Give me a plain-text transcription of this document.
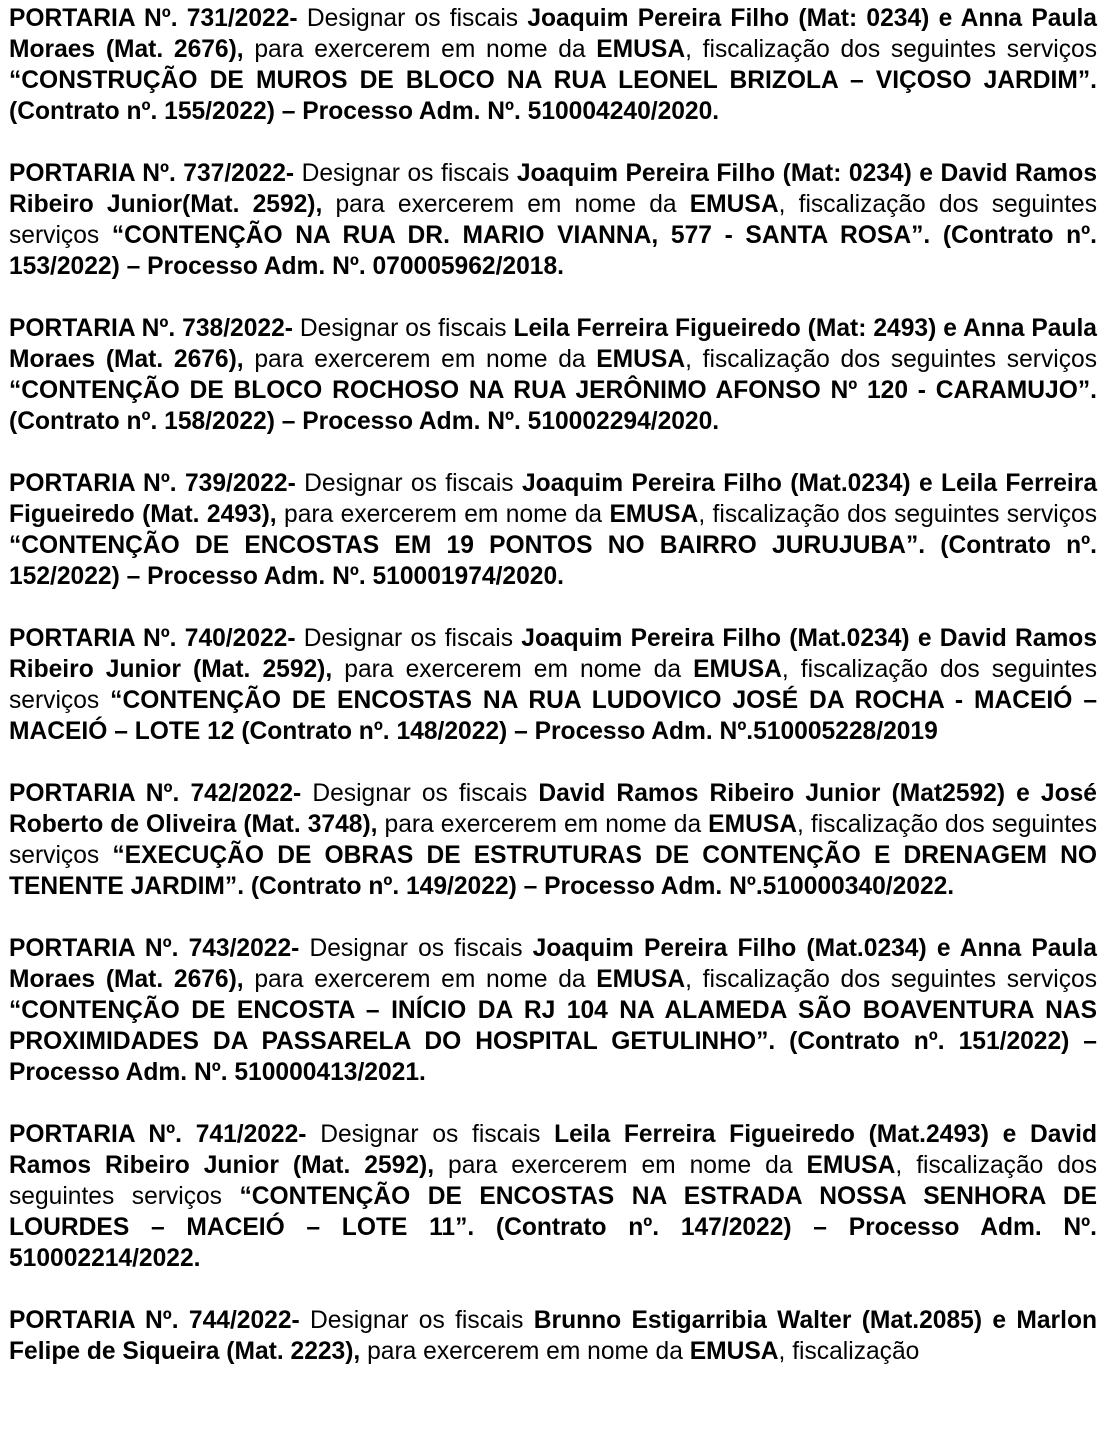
PORTARIA Nº. 731/2022- Designar os fiscais Joaquim Pereira Filho (Mat: 0234) e Anna Paula Moraes (Mat. 2676), para exercerem em nome da EMUSA, fiscalização dos seguintes serviços “CONSTRUÇÃO DE MUROS DE BLOCO NA RUA LEONEL BRIZOLA – VIÇOSO JARDIM”. (Contrato nº. 155/2022) – Processo Adm. Nº. 510004240/2020.

PORTARIA Nº. 737/2022- Designar os fiscais Joaquim Pereira Filho (Mat: 0234) e David Ramos Ribeiro Junior(Mat. 2592), para exercerem em nome da EMUSA, fiscalização dos seguintes serviços “CONTENÇÃO NA RUA DR. MARIO VIANNA, 577 - SANTA ROSA”. (Contrato nº. 153/2022) – Processo Adm. Nº. 070005962/2018.

PORTARIA Nº. 738/2022- Designar os fiscais Leila Ferreira Figueiredo (Mat: 2493) e Anna Paula Moraes (Mat. 2676), para exercerem em nome da EMUSA, fiscalização dos seguintes serviços “CONTENÇÃO DE BLOCO ROCHOSO NA RUA JERÔNIMO AFONSO Nº 120 - CARAMUJO”. (Contrato nº. 158/2022) – Processo Adm. Nº. 510002294/2020.

PORTARIA Nº. 739/2022- Designar os fiscais Joaquim Pereira Filho (Mat.0234) e Leila Ferreira Figueiredo (Mat. 2493), para exercerem em nome da EMUSA, fiscalização dos seguintes serviços “CONTENÇÃO DE ENCOSTAS EM 19 PONTOS NO BAIRRO JURUJUBA”. (Contrato nº. 152/2022) – Processo Adm. Nº. 510001974/2020.

PORTARIA Nº. 740/2022- Designar os fiscais Joaquim Pereira Filho (Mat.0234) e David Ramos Ribeiro Junior (Mat. 2592), para exercerem em nome da EMUSA, fiscalização dos seguintes serviços “CONTENÇÃO DE ENCOSTAS NA RUA LUDOVICO JOSÉ DA ROCHA - MACEIÓ – MACEIÓ – LOTE 12 (Contrato nº. 148/2022) – Processo Adm. Nº.510005228/2019

PORTARIA Nº. 742/2022- Designar os fiscais David Ramos Ribeiro Junior (Mat2592) e José Roberto de Oliveira (Mat. 3748), para exercerem em nome da EMUSA, fiscalização dos seguintes serviços “EXECUÇÃO DE OBRAS DE ESTRUTURAS DE CONTENÇÃO E DRENAGEM NO TENENTE JARDIM”. (Contrato nº. 149/2022) – Processo Adm. Nº.510000340/2022.

PORTARIA Nº. 743/2022- Designar os fiscais Joaquim Pereira Filho (Mat.0234) e Anna Paula Moraes (Mat. 2676), para exercerem em nome da EMUSA, fiscalização dos seguintes serviços “CONTENÇÃO DE ENCOSTA – INÍCIO DA RJ 104 NA ALAMEDA SÃO BOAVENTURA NAS PROXIMIDADES DA PASSARELA DO HOSPITAL GETULINHO”. (Contrato nº. 151/2022) – Processo Adm. Nº. 510000413/2021.

PORTARIA Nº. 741/2022- Designar os fiscais Leila Ferreira Figueiredo (Mat.2493) e David Ramos Ribeiro Junior (Mat. 2592), para exercerem em nome da EMUSA, fiscalização dos seguintes serviços “CONTENÇÃO DE ENCOSTAS NA ESTRADA NOSSA SENHORA DE LOURDES – MACEIÓ – LOTE 11”. (Contrato nº. 147/2022) – Processo Adm. Nº. 510002214/2022.

PORTARIA Nº. 744/2022- Designar os fiscais Brunno Estigarribia Walter (Mat.2085) e Marlon Felipe de Siqueira (Mat. 2223), para exercerem em nome da EMUSA, fiscalização
